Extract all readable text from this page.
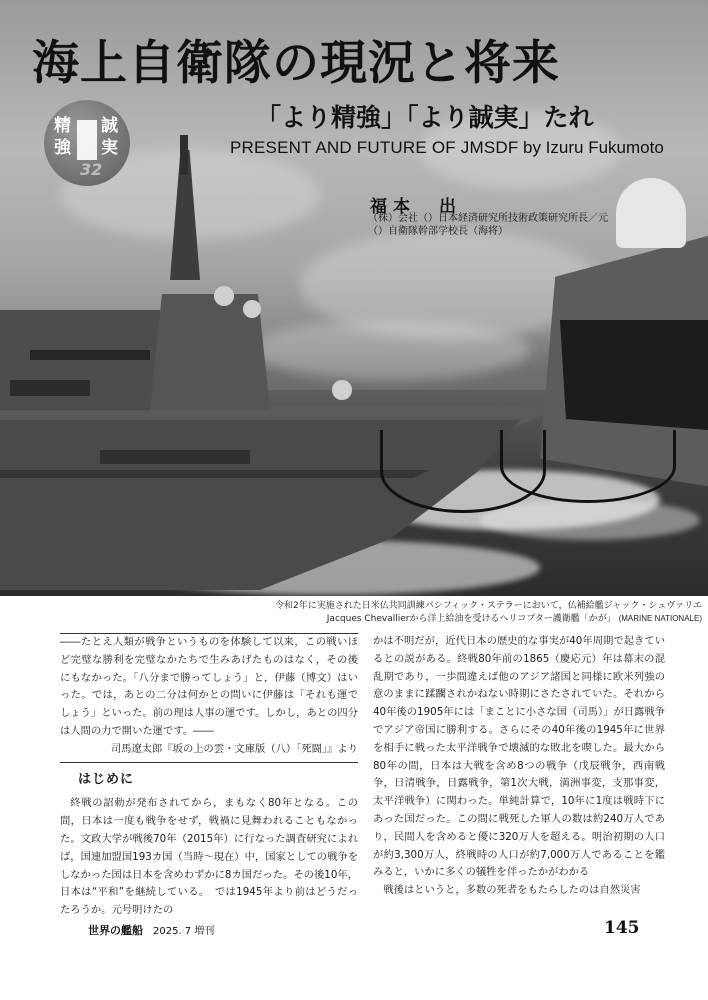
海上自衛隊の現況と将来
「より精強」「より誠実」たれ
PRESENT AND FUTURE OF JMSDF by Izuru Fukumoto
精 誠
強 実
32
福本　出
（株）会社（）日本経済研究所技術政策研究所長／元（）自衛隊幹部学校長（海将）
令和2年に実施された日米仏共同訓練パシフィック・ステラーにおいて，仏補給艦ジャック・シュヴァリエJacques Chevallierから洋上給油を受けるヘリコプター護衛艦「かが」 (MARINE NATIONALE)

――たとえ人類が戦争というものを体験して以来，この戦いほど完璧な勝利を完璧なかたちで生みあげたものはなく，その後にもなかった。「八分まで勝ってしょう」と，伊藤（博文）はいった。では，あとの二分は何かとの問いに伊藤は「それも運でしょう」といった。前の理は人事の運です。しかし，あとの四分は人間の力で開いた運です。――

司馬遼太郎『坂の上の雲・文庫版（八）「死闘」』より

はじめに

終戦の詔勅が発布されてから，まもなく80年となる。この間，日本は一度も戦争をせず，戦禍に見舞われることもなかった。文政大学が戦後70年（2015年）に行なった調査研究によれば，国連加盟国193カ国（当時～現在）中，国家としての戦争をしなかった国は日本を含めわずかに8カ国だった。その後10年，日本は“平和”を継続している。　では1945年より前はどうだったろうか。元号明けたの

かは不明だが，近代日本の歴史的な事実が40年周期で起きているとの説がある。終戦80年前の1865（慶応元）年は幕末の混乱期であり，一歩間違えば他のアジア諸国と同様に欧米列強の意のままに蹂躙されかねない時期にさたされていた。それから40年後の1905年には「まことに小さな国（司馬）」が日露戦争でアジア帝国に勝利する。さらにその40年後の1945年に世界を相手に戦った太平洋戦争で壊滅的な敗北を喫した。最大から80年の間，日本は大戦を含め8つの戦争（戊辰戦争，西南戦争，日清戦争，日露戦争，第1次大戦，満洲事変，支那事変，太平洋戦争）に関わった。単純計算で，10年に1度は戦時下にあった国だった。この間に戦死した軍人の数は約240万人であり，民間人を含めると優に320万人を超える。明治初期の人口が約3,300万人，終戦時の人口が約7,000万人であることを鑑みると，いかに多くの犠牲を伴ったかがわかる

戦後はというと，多数の死者をもたらしたのは自然災害

世界の艦船 2025. 7 増刊	145
